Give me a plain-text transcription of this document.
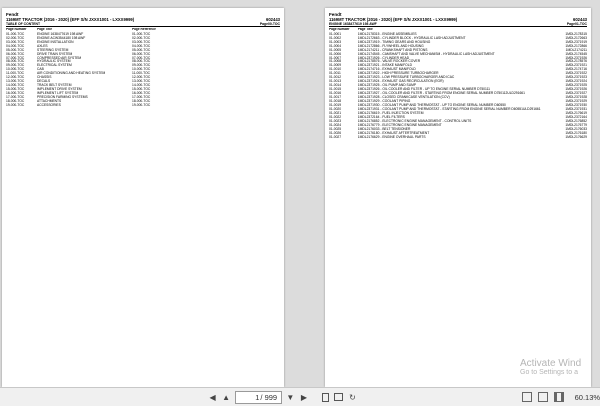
Fendt
1169MT TRACTOR (2016 - 2020) (EFF S/N JXXX1001 - LXXX9999)	602443
TABLE OF CONTENT	Page00-TOC
Page Number	Page Title	Page Reference
01-000-TOC	ENGINE 1638477619 198 AWF	01-000-TOC
02-000-TOC	ENGINE ACW3544180 198 AWF	02-000-TOC
03-000-TOC	ENGINE INSTALLATION	03-000-TOC
04-000-TOC	AXLES	04-000-TOC
05-000-TOC	STEERING SYSTEM	05-000-TOC
06-000-TOC	DRIVE TRAIN SYSTEM	06-000-TOC
07-000-TOC	COMPRESSED AIR SYSTEM	07-000-TOC
08-000-TOC	HYDRAULIC SYSTEM	08-000-TOC
09-000-TOC	ELECTRICAL SYSTEM	09-000-TOC
10-000-TOC	CAB	10-000-TOC
11-000-TOC	AIR CONDITIONING AND HEATING SYSTEM	11-000-TOC
12-000-TOC	CHASSIS	12-000-TOC
13-000-TOC	DECALS	13-000-TOC
14-000-TOC	TRACK BELT SYSTEM	14-000-TOC
15-000-TOC	IMPLEMENT DRIVE SYSTEM	15-000-TOC
16-000-TOC	IMPLEMENT LIFT SYSTEM	16-000-TOC
17-000-TOC	PRECISION FARMING SYSTEMS	17-000-TOC
18-000-TOC	ATTACHMENTS	18-000-TOC
19-000-TOC	ACCESSORIES	19-000-TOC
Fendt
1169MT TRACTOR (2016 - 2020) (EFF S/N JXXX1001 - LXXX9999)	602443
ENGINE 1638477619 198 AWF	Page01-TOC
Page Number	Page Title
01-0001	1MDL2178315 - ENGINE ASSEMBLIES	1MDL2178315
01-0002	1MDL2172663 - CYLINDER BLOCK - HYDRAULIC LASH ADJUSTMENT	1MDL2172663
01-0003	1MDL2371919 - TIMING GEARS AND HOUSING	1MDL2371919
01-0004	1MDL2172866 - FLYWHEEL AND HOUSING	1MDL2172866
01-0005	1MDL2174211 - CRANKSHAFT AND PISTONS	1MDL2174211
01-0006	1MDL2174545 - CAMSHAFT AND VALVE MECHANISM - HYDRAULIC LASH ADJUSTMENT	1MDL2174545
01-0007	1MDL2371926 - CYLINDER HEAD	1MDL2371926
01-0008	1MDL2178576 - VALVE ROCKER COVER	1MDL2178576
01-0009	1MDL2371921 - INTAKE MANIFOLD	1MDL2371921
01-0010	1MDL2174716 - EXHAUST MANIFOLD	1MDL2174716
01-0011	1MDL2371922 - HIGH PRESSURE TURBOCHARGER	1MDL2371922
01-0012	1MDL2371923 - LOW PRESSURE TURBOCHARGER AND ICAC	1MDL2371923
01-0013	1MDL2371924 - EXHAUST GAS RECIRCULATION (EGR)	1MDL2371924
01-0014	1MDL2371925 - OIL PUMP AND SUMP	1MDL2371925
01-0015	1MDL2371926 - OIL COOLER AND FILTER - UP TO ENGINE SERIAL NUMBER D750111	1MDL2371926
01-0016	1MDL2371927 - OIL COOLER AND FILTER - STARTING FROM ENGINE SERIAL NUMBER D750112ULD291661	1MDL2371927
01-0017	1MDL2371928 - CLOSED CRANKCASE VENTILATION (CCV)	1MDL2371928
01-0018	1MDL2371929 - COOLANT PIPING	1MDL2371929
01-0019	1MDL2371930 - COOLANT PUMP AND THERMOSTAT - UP TO ENGINE SERIAL NUMBER D60550	1MDL2371930
01-0020	1MDL2371931 - COOLANT PUMP AND THERMOSTAT - STARTING FROM ENGINE SERIAL NUMBER D60551ULD291661	1MDL2371931
01-0021	1MDL2176619 - FUEL INJECTION SYSTEM	1MDL2176619
01-0022	1MDL2372164 - FUEL FILTERS	1MDL2372164
01-0023	1MDL2176852 - ELECTRONIC ENGINE MANAGEMENT - CONTROL UNITS	1MDL2176852
01-0024	1MDL2176779 - ELECTRONIC ENGINE MANAGEMENT	1MDL2176779
01-0025	1MDL2176033 - BELT TENSIONER	1MDL2176033
01-0026	1MDL2176180 - EXHAUST AFTERTREATMENT	1MDL2176180
01-0027	1MDL2176629 - ENGINE OVERHAUL PARTS	1MDL2176629
Activate Wind
Go to Settings to a
◀ ▲	1 / 999	▼ ▶	↻	60.13%
